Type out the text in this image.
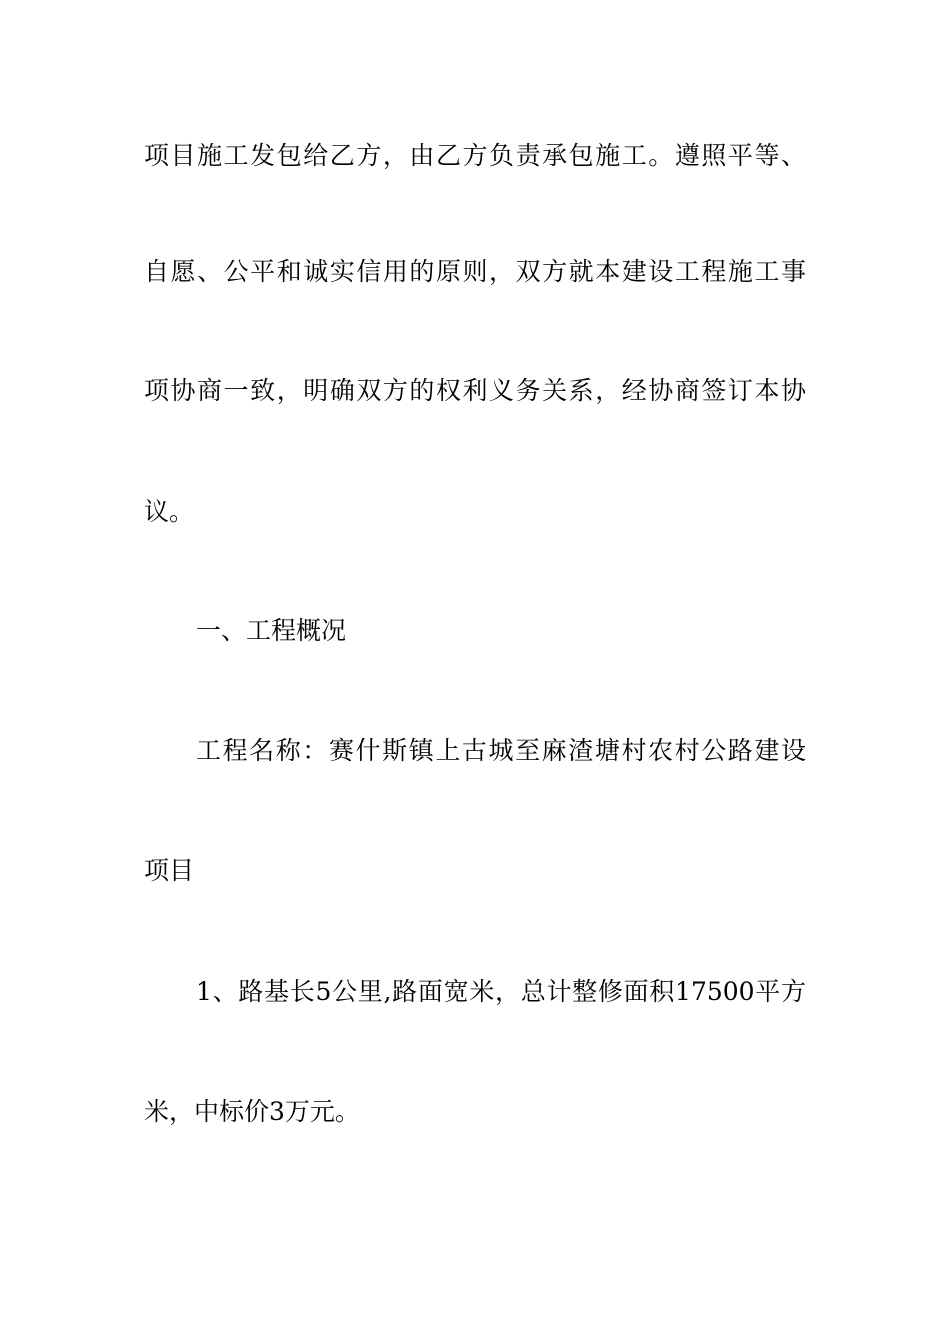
项目施工发包给乙方，由乙方负责承包施工。遵照平等、
自愿、公平和诚实信用的原则，双方就本建设工程施工事
项协商一致，明确双方的权利义务关系，经协商签订本协
议。
一、工程概况
工程名称：赛什斯镇上古城至麻渣塘村农村公路建设
项目
1、路基长5公里,路面宽米，总计整修面积17500平方
米，中标价3万元。
